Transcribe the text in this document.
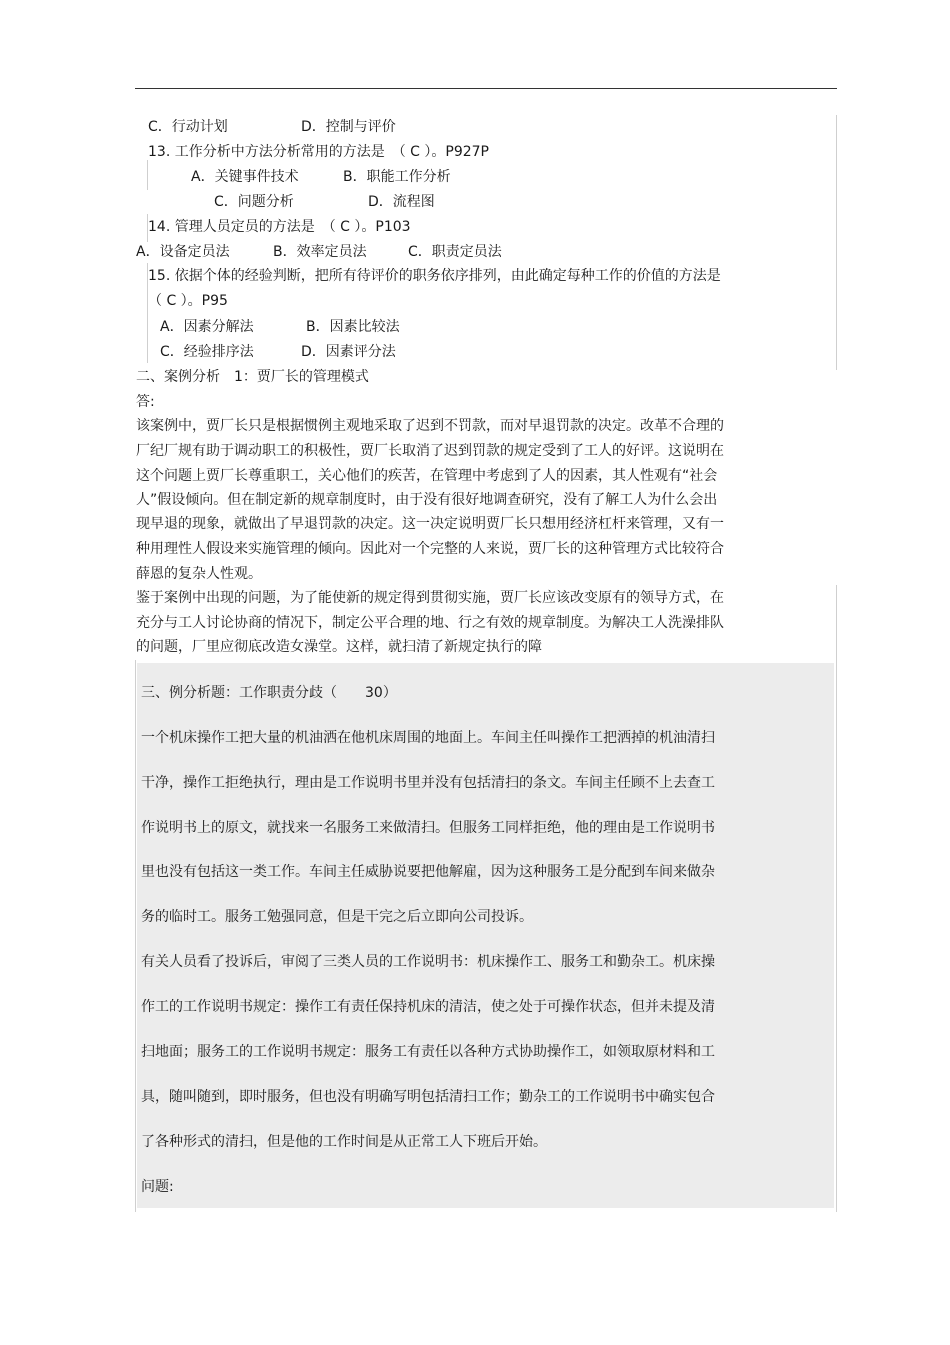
C．行动计划	D．控制与评价
13. 工作分析中方法分析常用的方法是　（ C ）。P927P
A．关键事件技术	B．职能工作分析
C．问题分析	D．流程图
14. 管理人员定员的方法是　（ C ）。P103
A．设备定员法	B．效率定员法	C．职责定员法
15. 依据个体的经验判断，把所有待评价的职务依序排列，由此确定每种工作的价值的方法是
（ C ）。P95
A．因素分解法	B．因素比较法
C．经验排序法	D．因素评分法
二、案例分析　1：贾厂长的管理模式
答:
该案例中，贾厂长只是根据惯例主观地采取了迟到不罚款，而对早退罚款的决定。改革不合理的
厂纪厂规有助于调动职工的积极性，贾厂长取消了迟到罚款的规定受到了工人的好评。这说明在
这个问题上贾厂长尊重职工，关心他们的疾苦，在管理中考虑到了人的因素，其人性观有“社会
人”假设倾向。但在制定新的规章制度时，由于没有很好地调查研究，没有了解工人为什么会出
现早退的现象，就做出了早退罚款的决定。这一决定说明贾厂长只想用经济杠杆来管理，又有一
种用理性人假设来实施管理的倾向。因此对一个完整的人来说，贾厂长的这种管理方式比较符合
薛恩的复杂人性观。
鉴于案例中出现的问题，为了能使新的规定得到贯彻实施，贾厂长应该改变原有的领导方式，在
充分与工人讨论协商的情况下，制定公平合理的地、行之有效的规章制度。为解决工人洗澡排队
的问题，厂里应彻底改造女澡堂。这样，就扫清了新规定执行的障
三、例分析题：工作职责分歧（　　30）
一个机床操作工把大量的机油洒在他机床周围的地面上。车间主任叫操作工把洒掉的机油清扫
干净，操作工拒绝执行，理由是工作说明书里并没有包括清扫的条文。车间主任顾不上去查工
作说明书上的原文，就找来一名服务工来做清扫。但服务工同样拒绝，他的理由是工作说明书
里也没有包括这一类工作。车间主任威胁说要把他解雇，因为这种服务工是分配到车间来做杂
务的临时工。服务工勉强同意，但是干完之后立即向公司投诉。
有关人员看了投诉后，审阅了三类人员的工作说明书：机床操作工、服务工和勤杂工。机床操
作工的工作说明书规定：操作工有责任保持机床的清洁，使之处于可操作状态，但并未提及清
扫地面；服务工的工作说明书规定：服务工有责任以各种方式协助操作工，如领取原材料和工
具，随叫随到，即时服务，但也没有明确写明包括清扫工作；勤杂工的工作说明书中确实包合
了各种形式的清扫，但是他的工作时间是从正常工人下班后开始。
问题:
